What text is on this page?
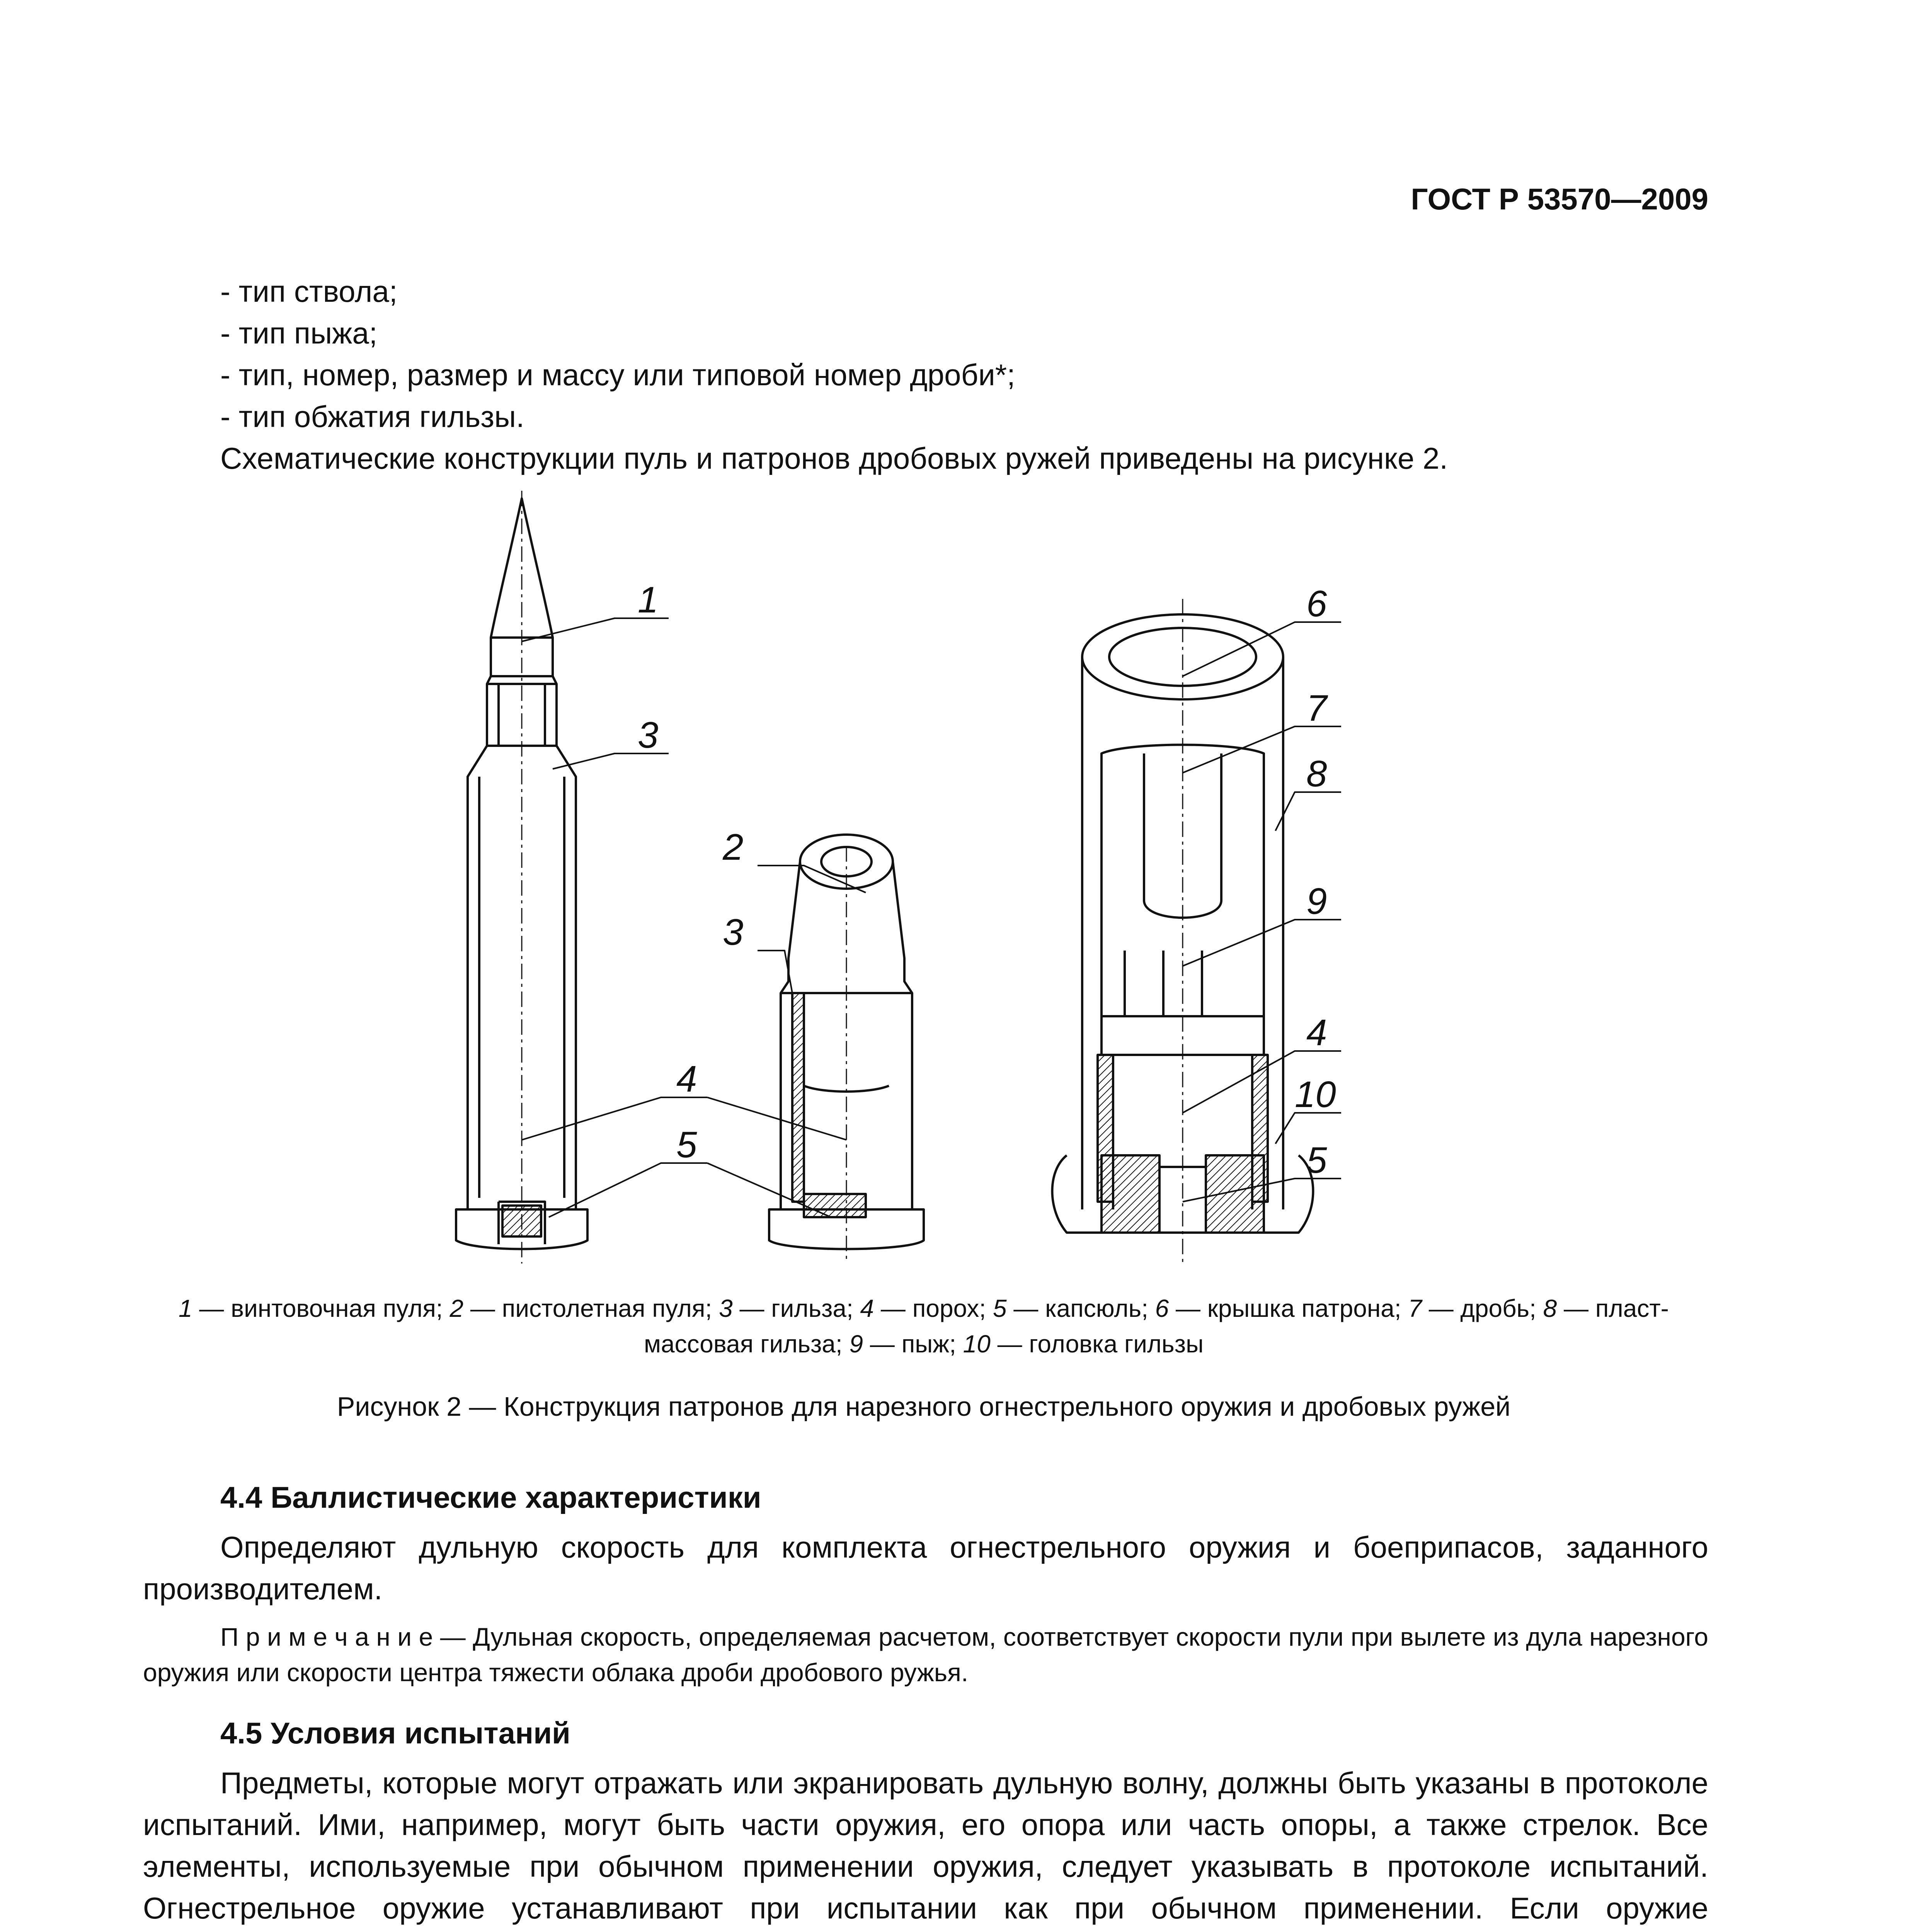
ГОСТ Р 53570—2009
- тип ствола;
- тип пыжа;
- тип, номер, размер и массу или типовой номер дроби*;
- тип обжатия гильзы.
Схематические конструкции пуль и патронов дробовых ружей приведены на рисунке 2.
1
2
3
3
4
5
6
7
8
9
4
10
5
1 — винтовочная пуля; 2 — пистолетная пуля; 3 — гильза; 4 — порох; 5 — капсюль; 6 — крышка патрона; 7 — дробь; 8 — пласт-массовая гильза; 9 — пыж; 10 — головка гильзы
Рисунок 2 — Конструкция патронов для нарезного огнестрельного оружия и дробовых ружей
4.4 Баллистические характеристики
Определяют дульную скорость для комплекта огнестрельного оружия и боеприпасов, заданного производителем.
П р и м е ч а н и е — Дульная скорость, определяемая расчетом, соответствует скорости пули при вылете из дула нарезного оружия или скорости центра тяжести облака дроби дробового ружья.
4.5 Условия испытаний
Предметы, которые могут отражать или экранировать дульную волну, должны быть указаны в протоколе испытаний. Ими, например, могут быть части оружия, его опора или часть опоры, а также стрелок. Все элементы, используемые при обычном применении оружия, следует указывать в протоколе испытаний. Огнестрельное оружие устанавливают при испытании как при обычном применении. Если оружие
